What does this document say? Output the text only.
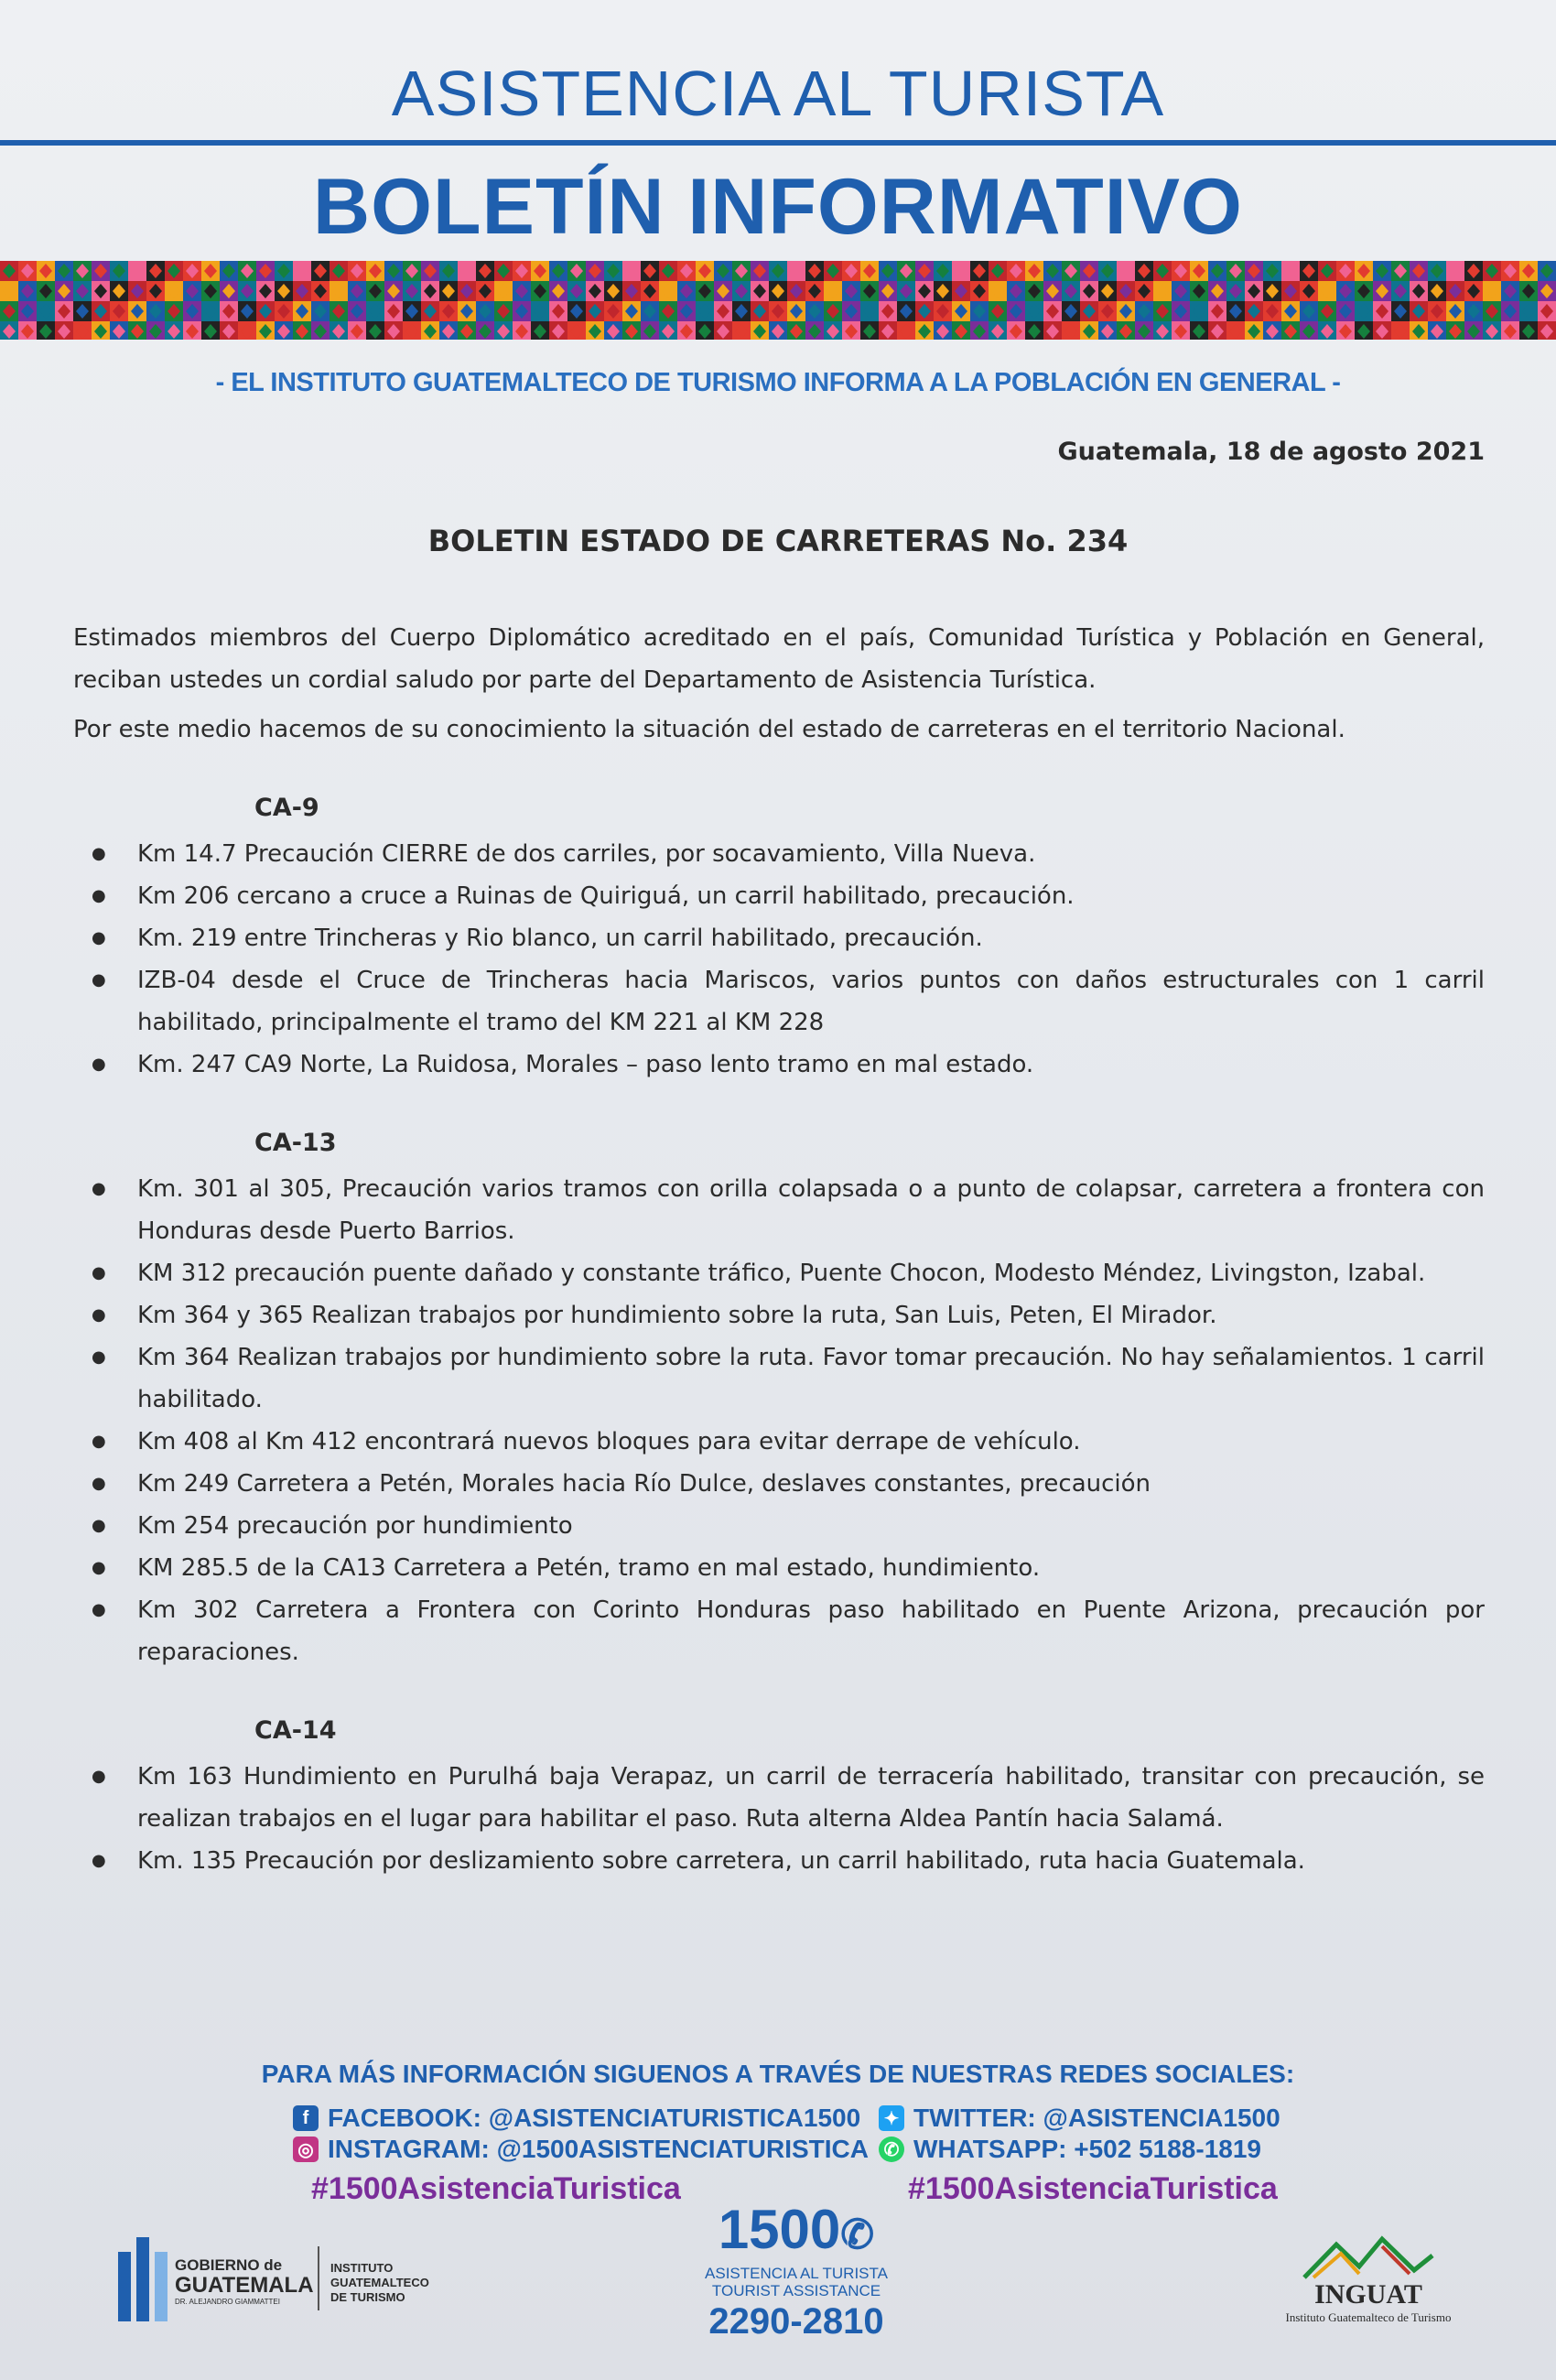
ASISTENCIA AL TURISTA
BOLETÍN INFORMATIVO
- EL INSTITUTO GUATEMALTECO DE TURISMO INFORMA A LA POBLACIÓN EN GENERAL -
Guatemala, 18 de agosto 2021
BOLETIN ESTADO DE CARRETERAS No. 234

Estimados miembros del Cuerpo Diplomático acreditado en el país, Comunidad Turística y Población en General, reciban ustedes un cordial saludo por parte del Departamento de Asistencia Turística.

Por este medio hacemos de su conocimiento la situación del estado de carreteras en el territorio Nacional.

CA-9
● Km 14.7 Precaución CIERRE de dos carriles, por socavamiento, Villa Nueva.
● Km 206 cercano a cruce a Ruinas de Quiriguá, un carril habilitado, precaución.
● Km. 219 entre Trincheras y Rio blanco, un carril habilitado, precaución.
● IZB-04 desde el Cruce de Trincheras hacia Mariscos, varios puntos con daños estructurales con 1 carril habilitado, principalmente el tramo del KM 221 al KM 228
● Km. 247 CA9 Norte, La Ruidosa, Morales – paso lento tramo en mal estado.
CA-13
● Km. 301 al 305, Precaución varios tramos con orilla colapsada o a punto de colapsar, carretera a frontera con Honduras desde Puerto Barrios.
● KM 312 precaución puente dañado y constante tráfico, Puente Chocon, Modesto Méndez, Livingston, Izabal.
● Km 364 y 365 Realizan trabajos por hundimiento sobre la ruta, San Luis, Peten, El Mirador.
● Km 364 Realizan trabajos por hundimiento sobre la ruta. Favor tomar precaución. No hay señalamientos. 1 carril habilitado.
● Km 408 al Km 412 encontrará nuevos bloques para evitar derrape de vehículo.
● Km 249 Carretera a Petén, Morales hacia Río Dulce, deslaves constantes, precaución
● Km 254 precaución por hundimiento
● KM 285.5 de la CA13 Carretera a Petén, tramo en mal estado, hundimiento.
● Km 302 Carretera a Frontera con Corinto Honduras paso habilitado en Puente Arizona, precaución por reparaciones.
CA-14
● Km 163 Hundimiento en Purulhá baja Verapaz, un carril de terracería habilitado, transitar con precaución, se realizan trabajos en el lugar para habilitar el paso. Ruta alterna Aldea Pantín hacia Salamá.
● Km. 135 Precaución por deslizamiento sobre carretera, un carril habilitado, ruta hacia Guatemala.
PARA MÁS INFORMACIÓN SIGUENOS A TRAVÉS DE NUESTRAS REDES SOCIALES:
f FACEBOOK: @ASISTENCIATURISTICA1500
◎ INSTAGRAM: @1500ASISTENCIATURISTICA
✦ TWITTER: @ASISTENCIA1500
✆ WHATSAPP: +502 5188-1819
#1500AsistenciaTuristica	#1500AsistenciaTuristica
GOBIERNO de
GUATEMALA
DR. ALEJANDRO GIAMMATTEI
INSTITUTO
GUATEMALTECO
DE TURISMO
1500✆
ASISTENCIA AL TURISTA
TOURIST ASSISTANCE
2290-2810
INGUAT
Instituto Guatemalteco de Turismo
